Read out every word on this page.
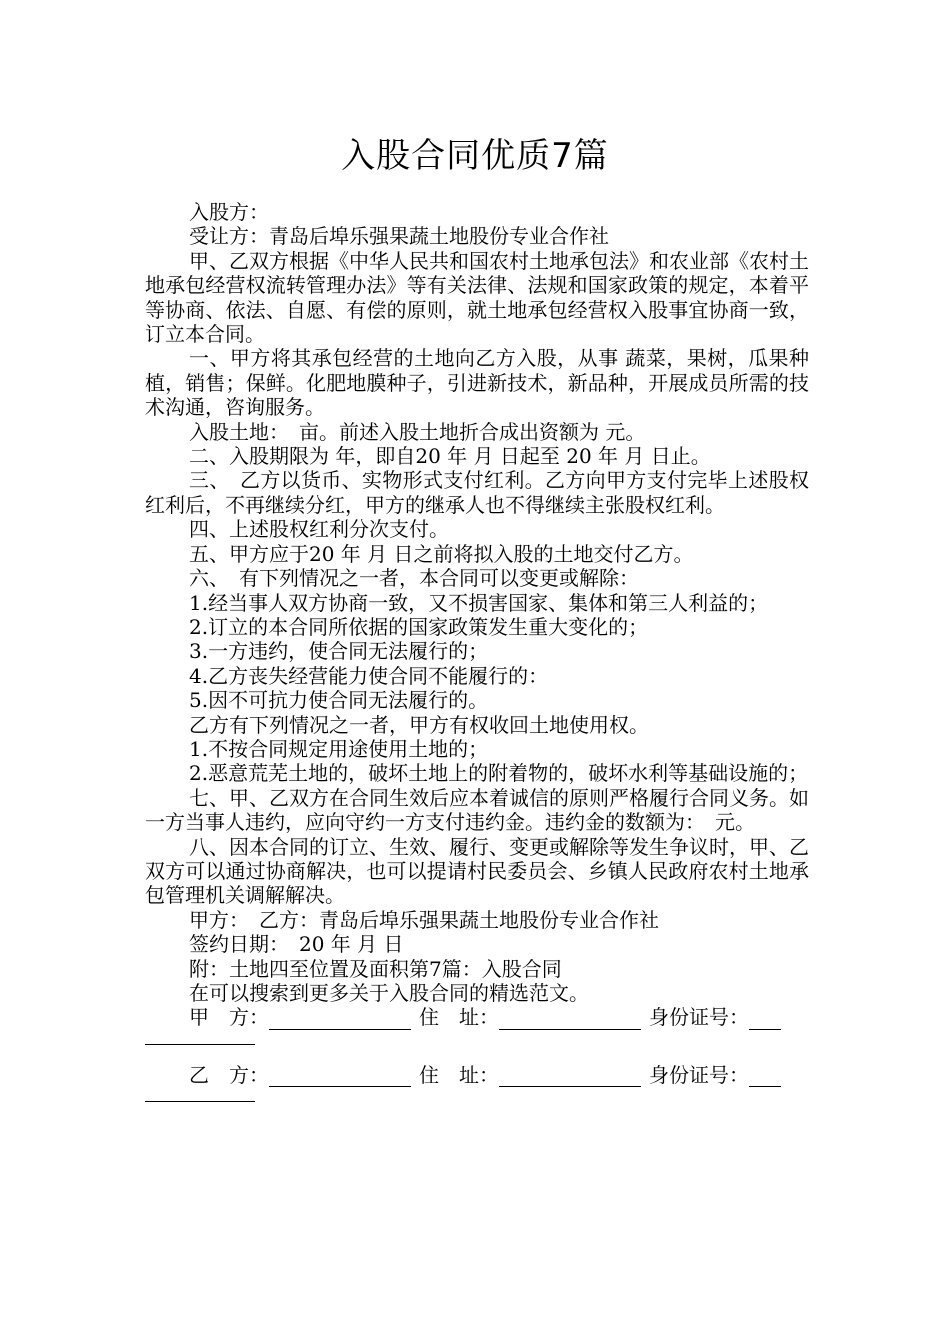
入股合同优质7篇

入股方：

受让方：青岛后埠乐强果蔬土地股份专业合作社

甲、乙双方根据《中华人民共和国农村土地承包法》和农业部《农村土地承包经营权流转管理办法》等有关法律、法规和国家政策的规定，本着平等协商、依法、自愿、有偿的原则，就土地承包经营权入股事宜协商一致，订立本合同。

一、甲方将其承包经营的土地向乙方入股，从事 蔬菜，果树，瓜果种植，销售；保鲜。化肥地膜种子，引进新技术，新品种，开展成员所需的技术沟通，咨询服务。

入股土地：　亩。前述入股土地折合成出资额为 元。

二、入股期限为 年，即自20 年 月 日起至 20 年 月 日止。

三、　乙方以货币、实物形式支付红利。乙方向甲方支付完毕上述股权红利后，不再继续分红，甲方的继承人也不得继续主张股权红利。

四、上述股权红利分次支付。

五、甲方应于20 年 月 日之前将拟入股的土地交付乙方。

六、　有下列情况之一者，本合同可以变更或解除：

1.经当事人双方协商一致，又不损害国家、集体和第三人利益的；

2.订立的本合同所依据的国家政策发生重大变化的；

3.一方违约，使合同无法履行的；

4.乙方丧失经营能力使合同不能履行的：

5.因不可抗力使合同无法履行的。

乙方有下列情况之一者，甲方有权收回土地使用权。

1.不按合同规定用途使用土地的；

2.恶意荒芜土地的，破坏土地上的附着物的，破坏水利等基础设施的；

七、甲、乙双方在合同生效后应本着诚信的原则严格履行合同义务。如一方当事人违约，应向守约一方支付违约金。违约金的数额为：　元。

八、因本合同的订立、生效、履行、变更或解除等发生争议时，甲、乙双方可以通过协商解决，也可以提请村民委员会、乡镇人民政府农村土地承包管理机关调解解决。

甲方：　乙方：青岛后埠乐强果蔬土地股份专业合作社

签约日期：　20 年 月 日

附：土地四至位置及面积第7篇：入股合同

在可以搜索到更多关于入股合同的精选范文。

甲　方：	住　址：	身份证号：
乙　方：	住　址：	身份证号：
